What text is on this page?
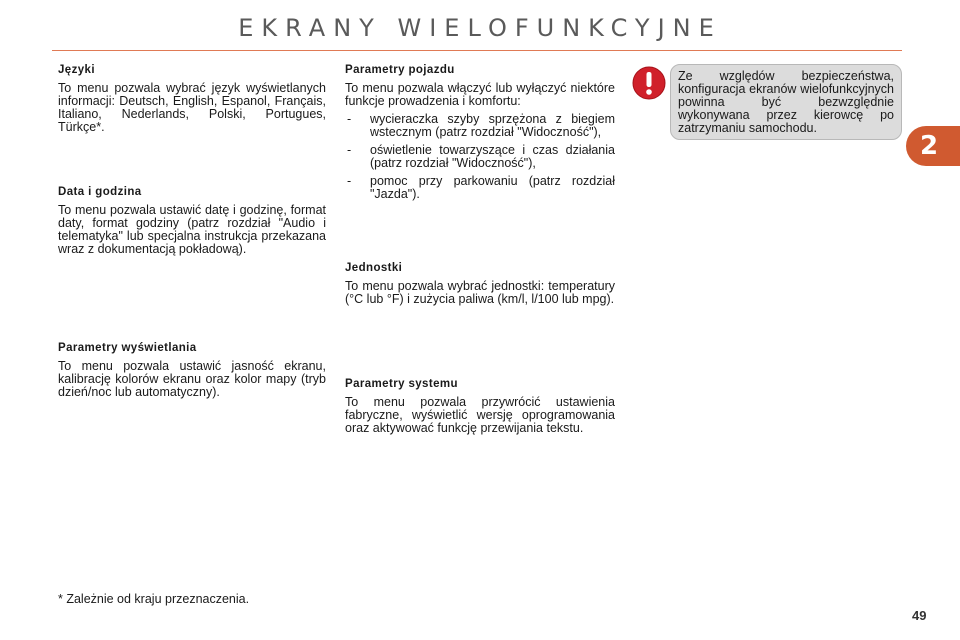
EKRANY WIELOFUNKCYJNE
2
Języki

To menu pozwala wybrać język wyświetlanych informacji: Deutsch, English, Espanol, Français, Italiano, Nederlands, Polski, Portugues, Türkçe*.

Data i godzina

To menu pozwala ustawić datę i godzinę, format daty, format godziny (patrz rozdział "Audio i telematyka" lub specjalna instrukcja przekazana wraz z dokumentacją pokładową).

Parametry wyświetlania

To menu pozwala ustawić jasność ekranu, kalibrację kolorów ekranu oraz kolor mapy (tryb dzień/noc lub automatyczny).

Parametry pojazdu

To menu pozwala włączyć lub wyłączyć niektóre funkcje prowadzenia i komfortu:

- wycieraczka szyby sprzężona z biegiem wstecznym (patrz rozdział "Widoczność"),
- oświetlenie towarzyszące i czas działania (patrz rozdział "Widoczność"),
- pomoc przy parkowaniu (patrz rozdział "Jazda").
Jednostki

To menu pozwala wybrać jednostki: temperatury (°C lub °F) i zużycia paliwa (km/l, l/100 lub mpg).

Parametry systemu

To menu pozwala przywrócić ustawienia fabryczne, wyświetlić wersję oprogramowania oraz aktywować funkcję przewijania tekstu.

Ze względów bezpieczeństwa, konfiguracja ekranów wielofunkcyjnych powinna być bezwzględnie wykonywana przez kierowcę po zatrzymaniu samochodu.
* Zależnie od kraju przeznaczenia.
49
